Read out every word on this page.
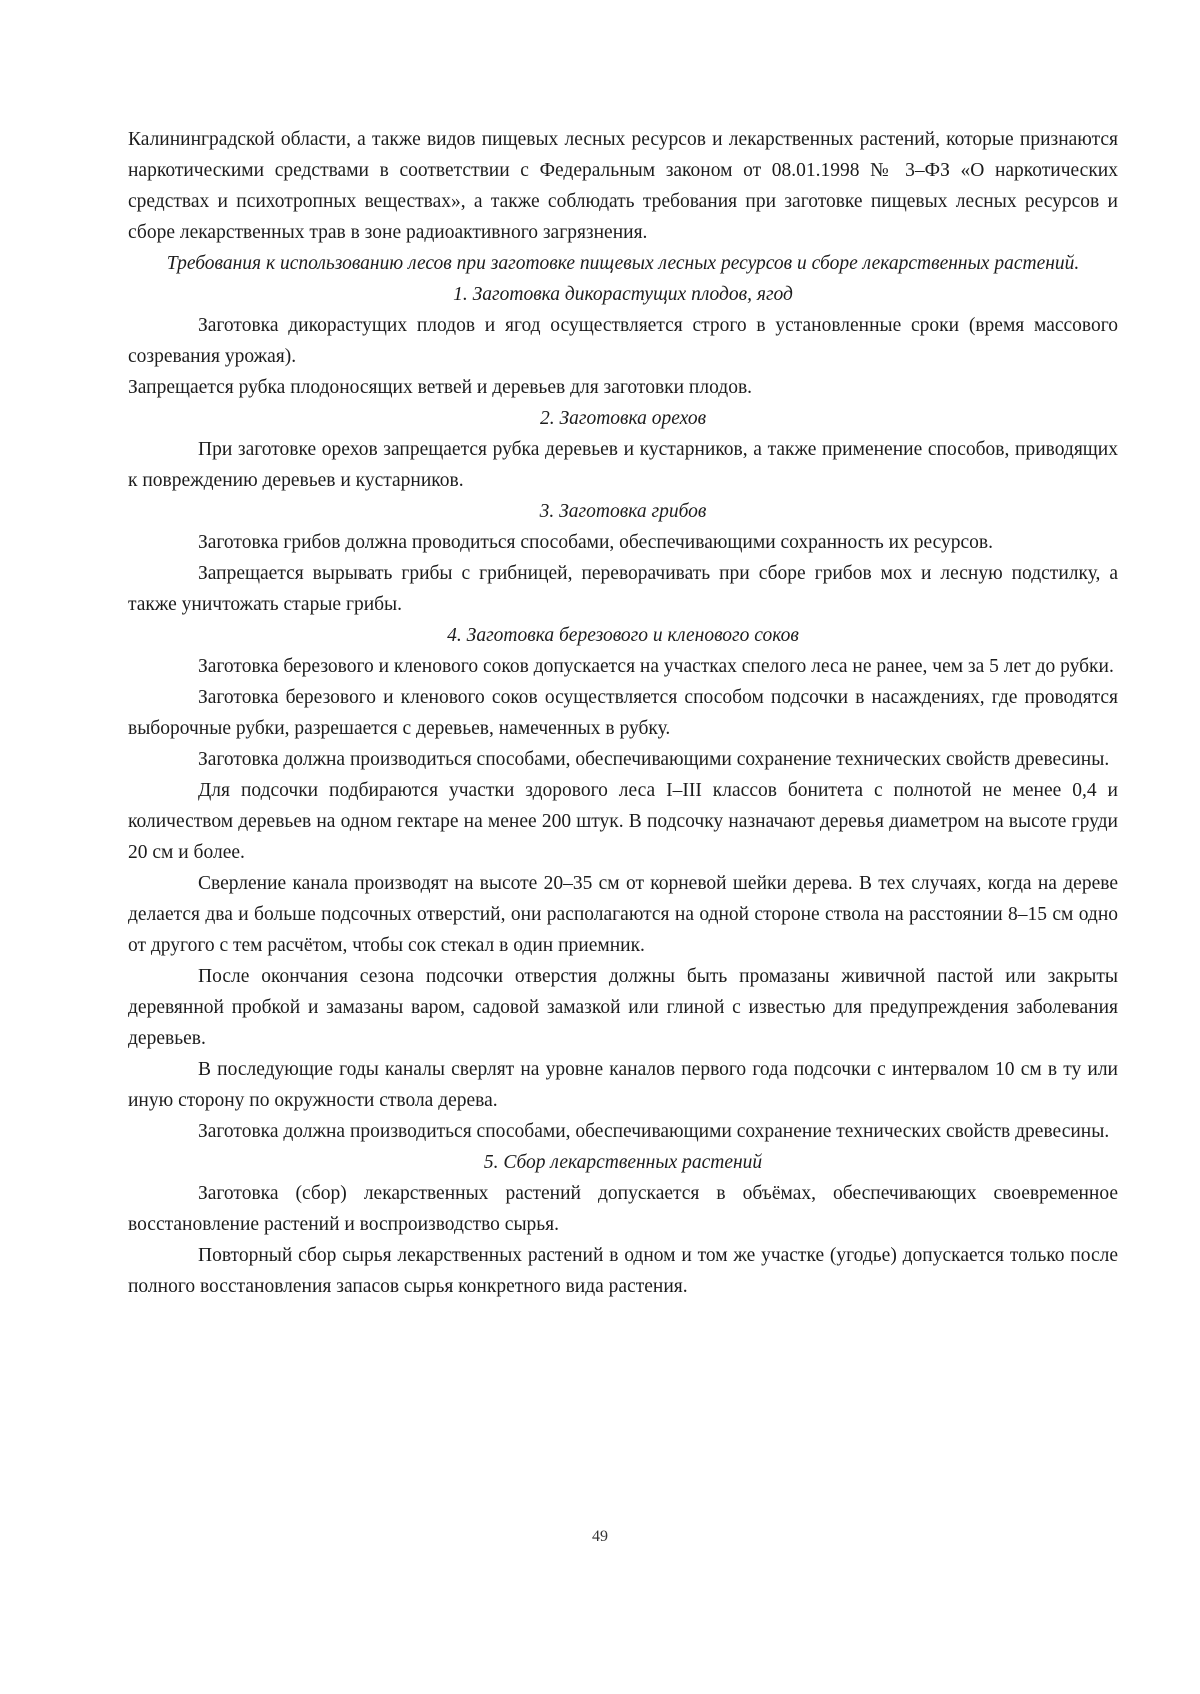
Калининградской области, а также видов пищевых лесных ресурсов и лекарственных растений, которые признаются наркотическими средствами в соответствии с Федеральным законом от 08.01.1998 № 3–ФЗ «О наркотических средствах и психотропных веществах», а также соблюдать требования при заготовке пищевых лесных ресурсов и сборе лекарственных трав в зоне радиоактивного загрязнения.

Требования к использованию лесов при заготовке пищевых лесных ресурсов и сборе лекарственных растений.

1. Заготовка дикорастущих плодов, ягод

Заготовка дикорастущих плодов и ягод осуществляется строго в установленные сроки (время массового созревания урожая).

Запрещается рубка плодоносящих ветвей и деревьев для заготовки плодов.

2. Заготовка орехов

При заготовке орехов запрещается рубка деревьев и кустарников, а также применение способов, приводящих к повреждению деревьев и кустарников.

3. Заготовка грибов

Заготовка грибов должна проводиться способами, обеспечивающими сохранность их ресурсов.

Запрещается вырывать грибы с грибницей, переворачивать при сборе грибов мох и лесную подстилку, а также уничтожать старые грибы.

4. Заготовка березового и кленового соков

Заготовка березового и кленового соков допускается на участках спелого леса не ранее, чем за 5 лет до рубки.

Заготовка березового и кленового соков осуществляется способом подсочки в насаждениях, где проводятся выборочные рубки, разрешается с деревьев, намеченных в рубку.

Заготовка должна производиться способами, обеспечивающими сохранение технических свойств древесины.

Для подсочки подбираются участки здорового леса I–III классов бонитета с полнотой не менее 0,4 и количеством деревьев на одном гектаре на менее 200 штук. В подсочку назначают деревья диаметром на высоте груди 20 см и более.

Сверление канала производят на высоте 20–35 см от корневой шейки дерева. В тех случаях, когда на дереве делается два и больше подсочных отверстий, они располагаются на одной стороне ствола на расстоянии 8–15 см одно от другого с тем расчётом, чтобы сок стекал в один приемник.

После окончания сезона подсочки отверстия должны быть промазаны живичной пастой или закрыты деревянной пробкой и замазаны варом, садовой замазкой или глиной с известью для предупреждения заболевания деревьев.

В последующие годы каналы сверлят на уровне каналов первого года подсочки с интервалом 10 см в ту или иную сторону по окружности ствола дерева.

Заготовка должна производиться способами, обеспечивающими сохранение технических свойств древесины.

5. Сбор лекарственных растений

Заготовка (сбор) лекарственных растений допускается в объёмах, обеспечивающих своевременное восстановление растений и воспроизводство сырья.

Повторный сбор сырья лекарственных растений в одном и том же участке (угодье) допускается только после полного восстановления запасов сырья конкретного вида растения.

49
